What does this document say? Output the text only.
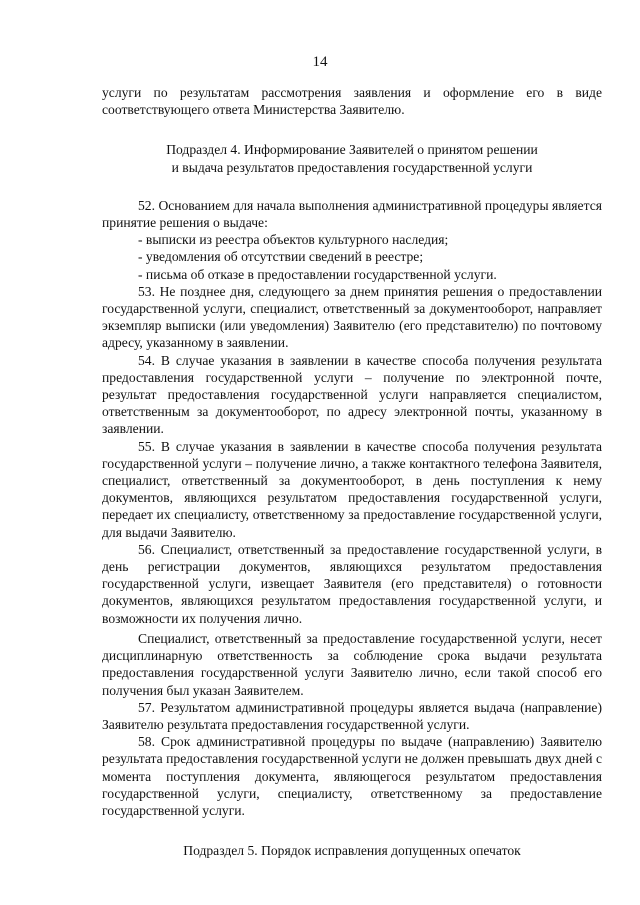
14

услуги по результатам рассмотрения заявления и оформление его в виде соответствующего ответа Министерства Заявителю.

Подраздел 4. Информирование Заявителей о принятом решении

и выдача результатов предоставления государственной услуги

52. Основанием для начала выполнения административной процедуры является принятие решения о выдаче:

- выписки из реестра объектов культурного наследия;

- уведомления об отсутствии сведений в реестре;

- письма об отказе в предоставлении государственной услуги.

53. Не позднее дня, следующего за днем принятия решения о предоставлении государственной услуги, специалист, ответственный за документооборот, направляет экземпляр выписки (или уведомления) Заявителю (его представителю) по почтовому адресу, указанному в заявлении.

54. В случае указания в заявлении в качестве способа получения результата предоставления государственной услуги – получение по электронной почте, результат предоставления государственной услуги направляется специалистом, ответственным за документооборот, по адресу электронной почты, указанному в заявлении.

55. В случае указания в заявлении в качестве способа получения результата государственной услуги – получение лично, а также контактного телефона Заявителя, специалист, ответственный за документооборот, в день поступления к нему документов, являющихся результатом предоставления государственной услуги, передает их специалисту, ответственному за предоставление государственной услуги, для выдачи Заявителю.

56. Специалист, ответственный за предоставление государственной услуги, в день регистрации документов, являющихся результатом предоставления государственной услуги, извещает Заявителя (его представителя) о готовности документов, являющихся результатом предоставления государственной услуги, и возможности их получения лично.

Специалист, ответственный за предоставление государственной услуги, несет дисциплинарную ответственность за соблюдение срока выдачи результата предоставления государственной услуги Заявителю лично, если такой способ его получения был указан Заявителем.

57. Результатом административной процедуры является выдача (направление) Заявителю результата предоставления государственной услуги.

58. Срок административной процедуры по выдаче (направлению) Заявителю результата предоставления государственной услуги не должен превышать двух дней с момента поступления документа, являющегося результатом предоставления государственной услуги, специалисту, ответственному за предоставление государственной услуги.

Подраздел 5. Порядок исправления допущенных опечаток
